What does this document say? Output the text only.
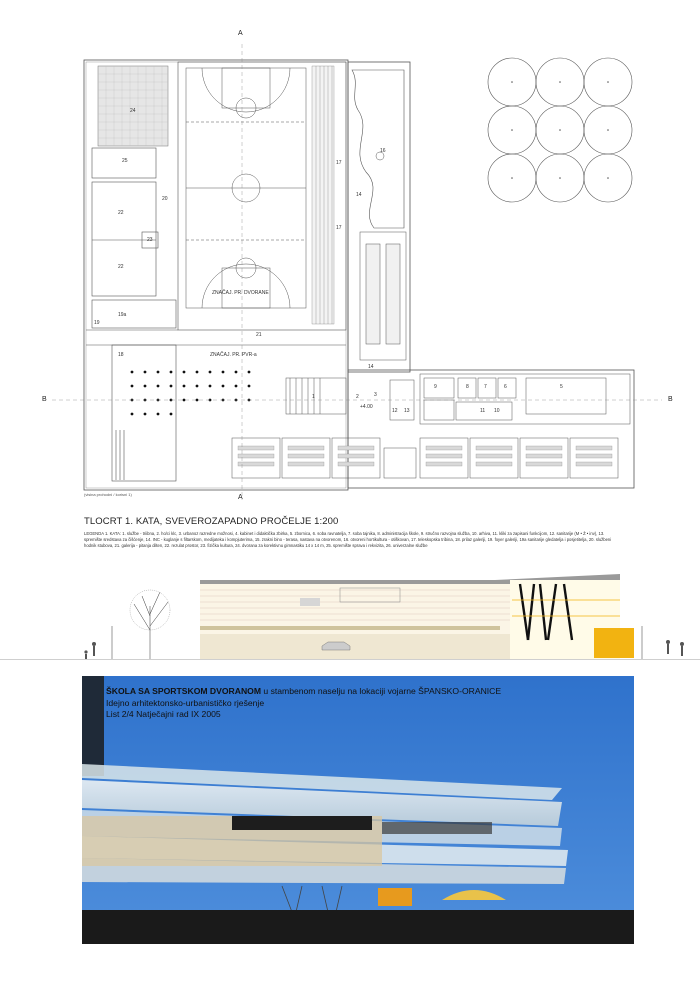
A
A
B	B
24
25
22
22
23
20
19a
19
18
17
17
16
14
14
21
ZNAČAJ. PR. DVORANE
ZNAČAJ. PR. PVR-a
1	2	3
+4.00
12 13	11 10
9	8	7	6	5
(visina prohodni / korisni 1)
TLOCRT 1. KATA, SVEVEROZAPADNO PROČELJE 1:200
LEGENDA 1. KATA: 1. službe - triibna, 2. ho/ci klc, 3. urbanoz razredne možnosi, 4. kabinet i didaktička zbirka, 5. zbornica, 6. soba ravnatelja, 7. soba tajnika, 8. administracija škole, 9. stručno razvojna služba, 10. arhiva, 11. kliki za zapisani funkcijom, 12. sanitarije (M • Ž • inv), 13. spremište sredstava za čišćenje, 14. INC - kuglanje s filtarskom, medijateka i kompjuterima, 15. zrakni bino - terasa, nastava na otvorenom, 16. otvoreni hortikultura - otiškovan, 17. teleskopska tribina, 18. prilaz galeriji, 19. foyer galeriji, 19a sanitarije gledatelja i posjetitelja, 20. službeni hodnik stubova, 21. galerija - pitanja dilten, 22. rezulat prostor, 23. fizička kultura, 24. dvorana za korektivnu gimnastiku 14 x 14 m, 25. spremište sprava i rekvizita, 26. univerzalne službe
ŠKOLA SA SPORTSKOM DVORANOM u stambenom naselju na lokaciji vojarne ŠPANSKO-ORANICE
Idejno arhitektonsko-urbanističko rješenje
List 2/4 Natječajni rad IX 2005
